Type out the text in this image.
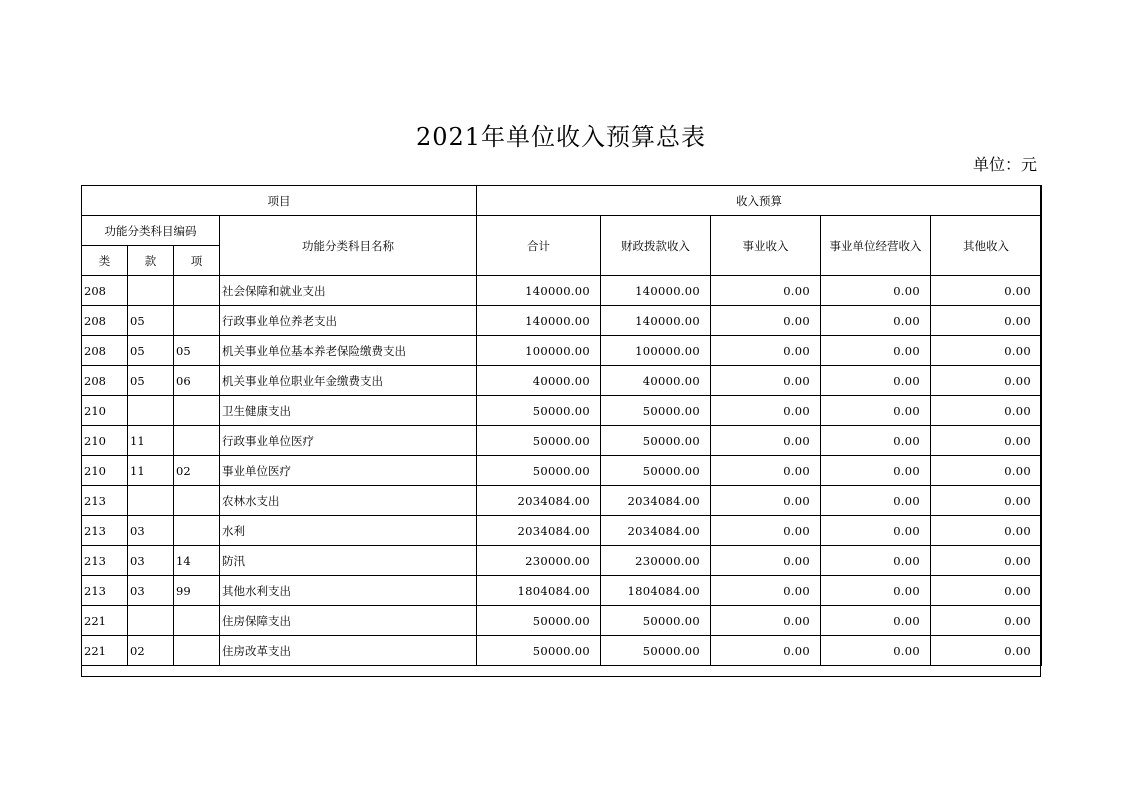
2021年单位收入预算总表
单位：元
项目				收入预算				
功能分类科目编码			功能分类科目名称	合计	财政拨款收入	事业收入	事业单位经营收入	其他收入
类	款	项						
208			社会保障和就业支出	140000.00	140000.00	0.00	0.00	0.00
208	05		行政事业单位养老支出	140000.00	140000.00	0.00	0.00	0.00
208	05	05	机关事业单位基本养老保险缴费支出	100000.00	100000.00	0.00	0.00	0.00
208	05	06	机关事业单位职业年金缴费支出	40000.00	40000.00	0.00	0.00	0.00
210			卫生健康支出	50000.00	50000.00	0.00	0.00	0.00
210	11		行政事业单位医疗	50000.00	50000.00	0.00	0.00	0.00
210	11	02	事业单位医疗	50000.00	50000.00	0.00	0.00	0.00
213			农林水支出	2034084.00	2034084.00	0.00	0.00	0.00
213	03		水利	2034084.00	2034084.00	0.00	0.00	0.00
213	03	14	防汛	230000.00	230000.00	0.00	0.00	0.00
213	03	99	其他水利支出	1804084.00	1804084.00	0.00	0.00	0.00
221			住房保障支出	50000.00	50000.00	0.00	0.00	0.00
221	02		住房改革支出	50000.00	50000.00	0.00	0.00	0.00
